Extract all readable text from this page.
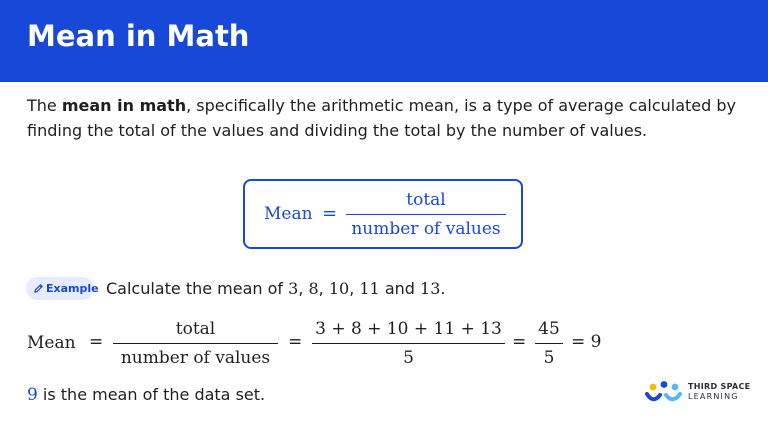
Mean in Math
The mean in math, specifically the arithmetic mean, is a type of average calculated by finding the total of the values and dividing the total by the number of values.
Mean =
total
number of values
Example Calculate the mean of 3, 8, 10, 11 and 13.
Mean =
total
number of values
=
3 + 8 + 10 + 11 + 13
5
=
45
5
= 9
9 is the mean of the data set.	THIRD SPACE
LEARNING
